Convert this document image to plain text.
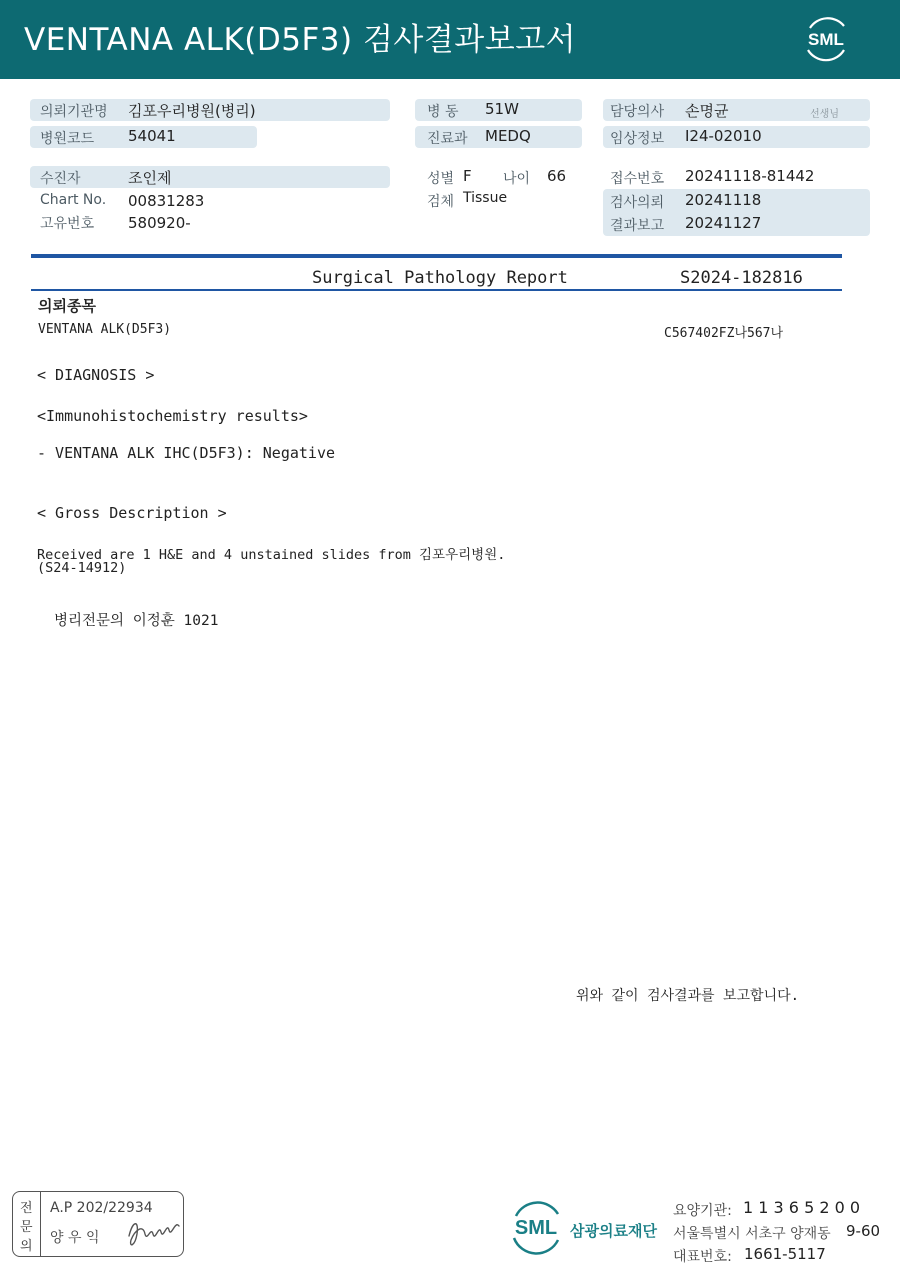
VENTANA ALK(D5F3) 검사결과보고서	SML
의뢰기관명 김포우리병원(병리)
병원코드 54041
수진자	조인제
Chart No. 00831283
고유번호 580920-
병 동 51W
진료과 MEDQ
성별 F 나이 66
검체 Tissue
담당의사 손명균	선생님
임상정보 I24-02010
접수번호 20241118-81442
검사의뢰 20241118
결과보고 20241127
Surgical Pathology Report	S2024-182816
의뢰종목
VENTANA ALK(D5F3)	C567402FZ나567나
< DIAGNOSIS >
<Immunohistochemistry results>
- VENTANA ALK IHC(D5F3): Negative
< Gross Description >
Received are 1 H&E and 4 unstained slides from 김포우리병원.
(S24-14912)
병리전문의 이정훈 1021
위와 같이 검사결과를 보고합니다.
전
문
의
A.P 202/22934
양 우 익	SML 삼광의료재단
요양기관: 1 1 3 6 5 2 0 0
서울특별시 서초구 양재동 9-60
대표번호: 1661-5117
